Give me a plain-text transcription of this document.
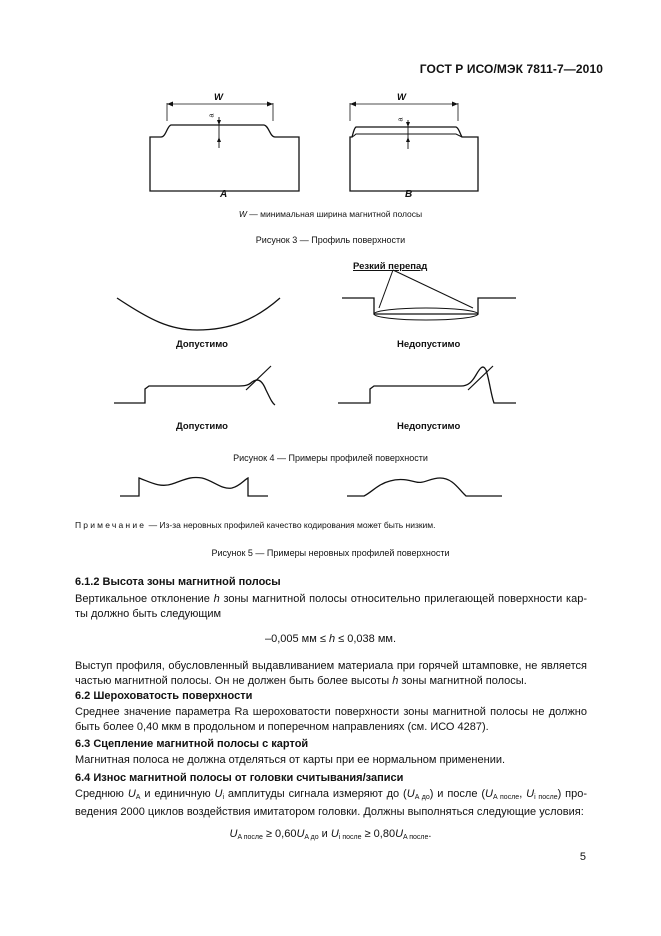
ГОСТ Р ИСО/МЭК 7811-7—2010
W	W
a
a
A	B
W — минимальная ширина магнитной полосы
Рисунок 3 — Профиль поверхности
Резкий перепад
Допустимо	Недопустимо
Допустимо	Недопустимо
Рисунок 4 — Примеры профилей поверхности
Примечание — Из-за неровных профилей качество кодирования может быть низким.
Рисунок 5 — Примеры неровных профилей поверхности
6.1.2 Высота зоны магнитной полосы
Вертикальное отклонение h зоны магнитной полосы относительно прилегающей поверхности кар-ты должно быть следующим
–0,005 мм ≤ h ≤ 0,038 мм.
Выступ профиля, обусловленный выдавливанием материала при горячей штамповке, не является частью магнитной полосы. Он не должен быть более высоты h зоны магнитной полосы.
6.2 Шероховатость поверхности
Среднее значение параметра Ra шероховатости поверхности зоны магнитной полосы не должно быть более 0,40 мкм в продольном и поперечном направлениях (см. ИСО 4287).
6.3 Сцепление магнитной полосы с картой
Магнитная полоса не должна отделяться от карты при ее нормальном применении.
6.4 Износ магнитной полосы от головки считывания/записи
Среднюю UA и единичную Ui амплитуды сигнала измеряют до (UA до) и после (UA после, Ui после) про-ведения 2000 циклов воздействия имитатором головки. Должны выполняться следующие условия:
UA после ≥ 0,60UA до и Ui после ≥ 0,80UA после.
5
